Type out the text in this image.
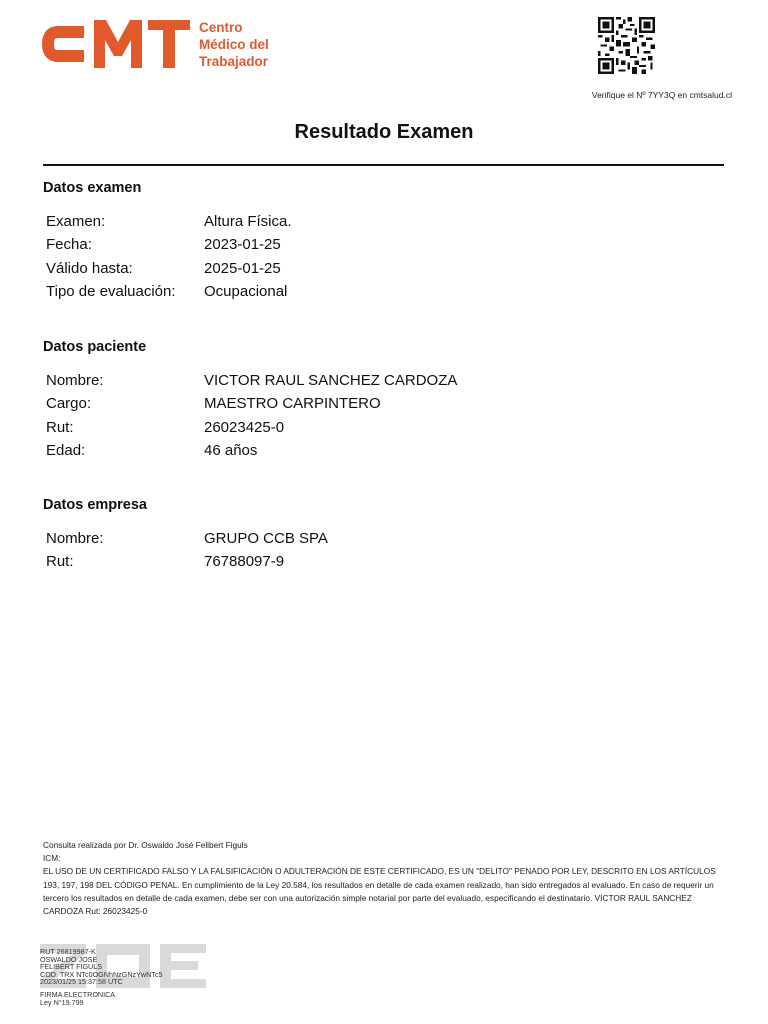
Centro
Médico del
Trabajador
Verifique el Nº 7YY3Q en cmtsalud.cl
Resultado Examen
Datos examen
Examen:	Altura Física.
Fecha:	2023-01-25
Válido hasta:	2025-01-25
Tipo de evaluación: Ocupacional
Datos paciente
Nombre:	VICTOR RAUL SANCHEZ CARDOZA
Cargo:	MAESTRO CARPINTERO
Rut:	26023425-0
Edad:	46 años
Datos empresa
Nombre:	GRUPO CCB SPA
Rut:	76788097-9

Consulta realizada por Dr. Oswaldo José Felibert Figuls

ICM:

EL USO DE UN CERTIFICADO FALSO Y LA FALSIFICACIÓN O ADULTERACIÓN DE ESTE CERTIFICADO, ES UN "DELITO" PENADO POR LEY, DESCRITO EN LOS ARTÍCULOS 193, 197, 198 DEL CÓDIGO PENAL. En cumplimiento de la Ley 20.584, los resultados en detalle de cada examen realizado, han sido entregados al evaluado. En caso de requerir un tercero los resultados en detalle de cada examen, debe ser con una autorización simple notarial por parte del evaluado, especificando el destinatario. VICTOR RAUL SANCHEZ CARDOZA Rut: 26023425-0

RUT 26819987-K
OSWALDO JOSE
FELIBERT FIGULS
COD. TRX NTc0OGNhNzGNzYwNTc5
2023/01/25 15:37:58 UTC
FIRMA ELECTRONICA
Ley N°19.799
